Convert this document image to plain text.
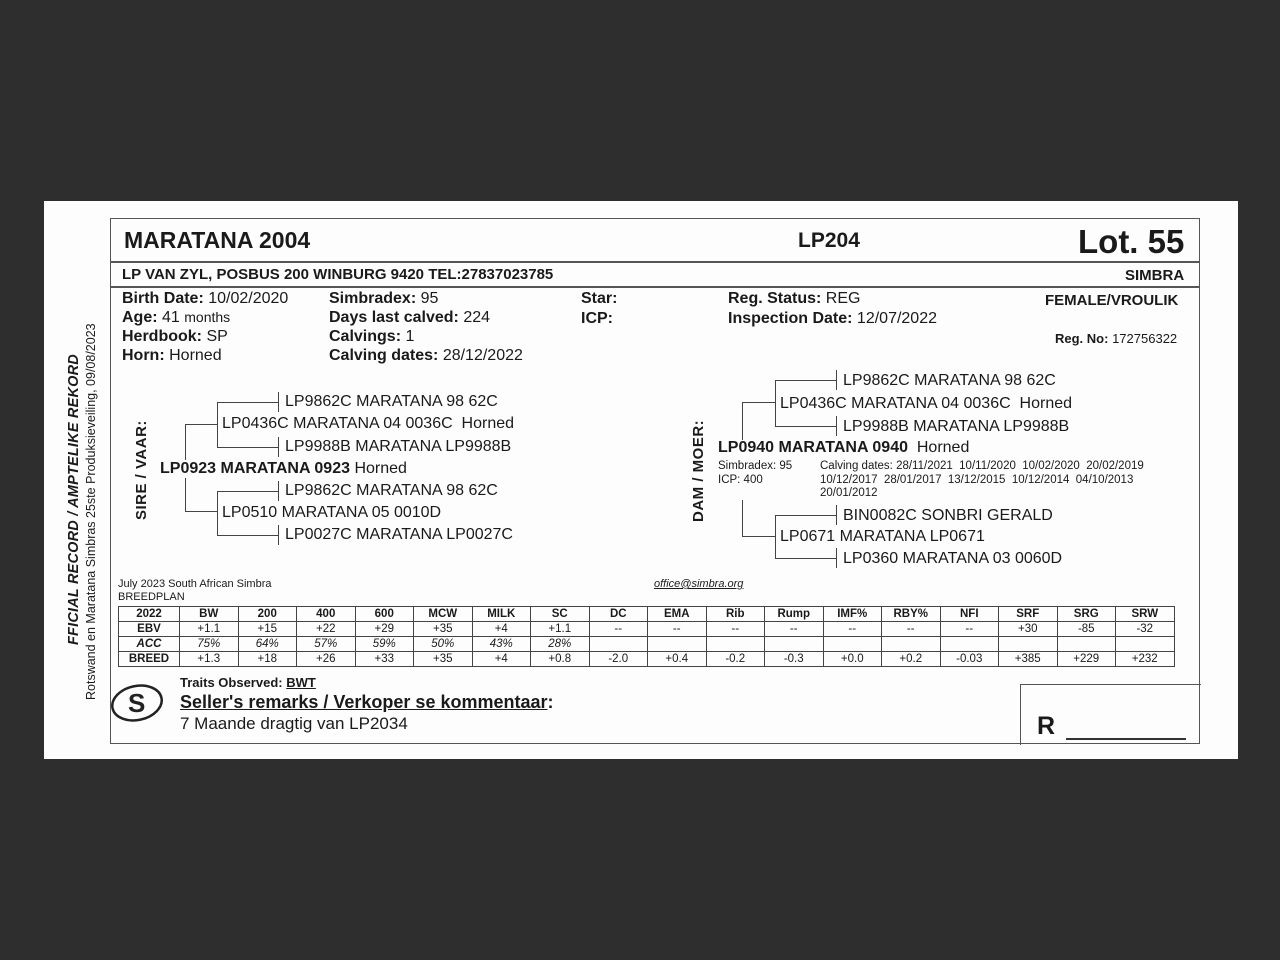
FFICIAL RECORD / AMPTELIKE REKORD Rotswand en Maratana Simbras 25ste Produksieveiling, 09/08/2023
MARATANA 2004	LP204	Lot. 55
LP VAN ZYL, POSBUS 200 WINBURG 9420 TEL:27837023785	SIMBRA
Birth Date: 10/02/2020
Age: 41 months
Herdbook: SP
Horn: Horned
Simbradex: 95
Days last calved: 224
Calvings: 1
Calving dates: 28/12/2022
Star:
ICP:
Reg. Status: REG
Inspection Date: 12/07/2022
FEMALE/VROULIK
Reg. No: 172756322
SIRE / VAAR:
LP9862C MARATANA 98 62C
LP0436C MARATANA 04 0036C Horned
LP9988B MARATANA LP9988B
LP0923 MARATANA 0923 Horned
LP9862C MARATANA 98 62C
LP0510 MARATANA 05 0010D
LP0027C MARATANA LP0027C
DAM / MOER:
LP9862C MARATANA 98 62C
LP0436C MARATANA 04 0036C Horned
LP9988B MARATANA LP9988B
LP0940 MARATANA 0940 Horned
Simbradex: 95
ICP: 400
Calving dates: 28/11/2021  10/11/2020  10/02/2020  20/02/2019
10/12/2017  28/01/2017  13/12/2015  10/12/2014  04/10/2013
20/01/2012
BIN0082C SONBRI GERALD
LP0671 MARATANA LP0671
LP0360 MARATANA 03 0060D
July 2023 South African Simbra
BREEDPLAN
office@simbra.org
2022	BW	200	400	600	MCW	MILK	SC	DC	EMA	Rib	Rump	IMF%	RBY%	NFI	SRF	SRG	SRW
EBV	+1.1	+15	+22	+29	+35	+4	+1.1	--	--	--	--	--	--	--	+30	-85	-32
ACC	75%	64%	57%	59%	50%	43%	28%										
BREED	+1.3	+18	+26	+33	+35	+4	+0.8	-2.0	+0.4	-0.2	-0.3	+0.0	+0.2	-0.03	+385	+229	+232
S
Traits Observed: BWT
Seller's remarks / Verkoper se kommentaar:
7 Maande dragtig van LP2034	R
